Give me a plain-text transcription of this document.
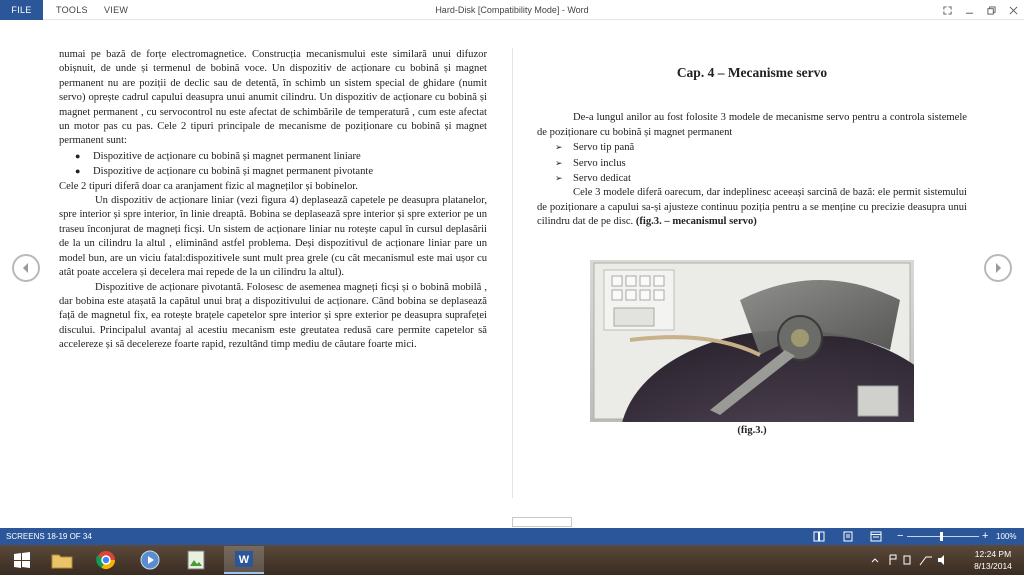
FILE	TOOLS VIEW	Hard-Disk [Compatibility Mode] - Word

numai pe bază de forțe electromagnetice. Construcția mecanismului este similară unui difuzor obișnuit, de unde și termenul de bobină voce. Un dispozitiv de acționare cu bobină și magnet permanent nu are poziții de declic sau de detentă, în schimb un sistem special de ghidare (numit servo) oprește cadrul capului deasupra unui anumit cilindru. Un dispozitiv de acționare cu bobină și magnet permanent , cu servocontrol nu este afectat de schimbările de temperatură , cum este afectat un motor pas cu pas. Cele 2 tipuri principale de mecanisme de poziționare cu bobină și magnet permanent sunt:

●	Dispozitive de acționare cu bobină și magnet permanent liniare
●	Dispozitive de acționare cu bobină și magnet permanent pivotante

Cele 2 tipuri diferă doar ca aranjament fizic al magneților și bobinelor.

Un dispozitiv de acționare liniar (vezi figura 4) deplasează capetele pe deasupra platanelor, spre interior și spre interior, în linie dreaptă. Bobina se deplasează spre interior și spre exterior pe un traseu înconjurat de magneți ficși. Un sistem de acționare liniar nu rotește capul în cursul deplasării de la un cilindru la altul , eliminând astfel problema. Deși dispozitivul de acționare liniar pare un model bun, are un viciu fatal:dispozitivele sunt mult prea grele (cu cât mecanismul este mai ușor cu atât poate accelera și decelera mai repede de la un cilindru la altul).

Dispozitive de acționare pivotantă. Folosesc de asemenea magneți ficși și o bobină mobilă , dar bobina este atașată la capătul unui braț a dispozitivului de acționare. Când bobina se deplasează față de magnetul fix, ea rotește brațele capetelor spre interior și spre exterior pe deasupra suprafeței discului. Principalul avantaj al acestiu mecanism este greutatea redusă care permite capetelor să accelereze și să decelereze foarte rapid, rezultând timp mediu de căutare foarte mici.

Cap. 4 – Mecanisme servo

De-a lungul anilor au fost folosite 3 modele de mecanisme servo pentru a controla sistemele de poziționare cu bobină și magnet permanent

➢ Servo tip pană
➢ Servo inclus
➢ Servo dedicat

Cele 3 modele diferă oarecum, dar indeplinesc aceeași sarcină de bază: ele permit sistemului de poziționare a capului sa-și ajusteze continuu poziția pentru a se menține cu precizie deasupra unui cilindru dat de pe disc. (fig.3. – mecanismul servo)

(fig.3.)
SCREENS 18-19 OF 34	−	+ 100%
W	12:24 PM
8/13/2014
